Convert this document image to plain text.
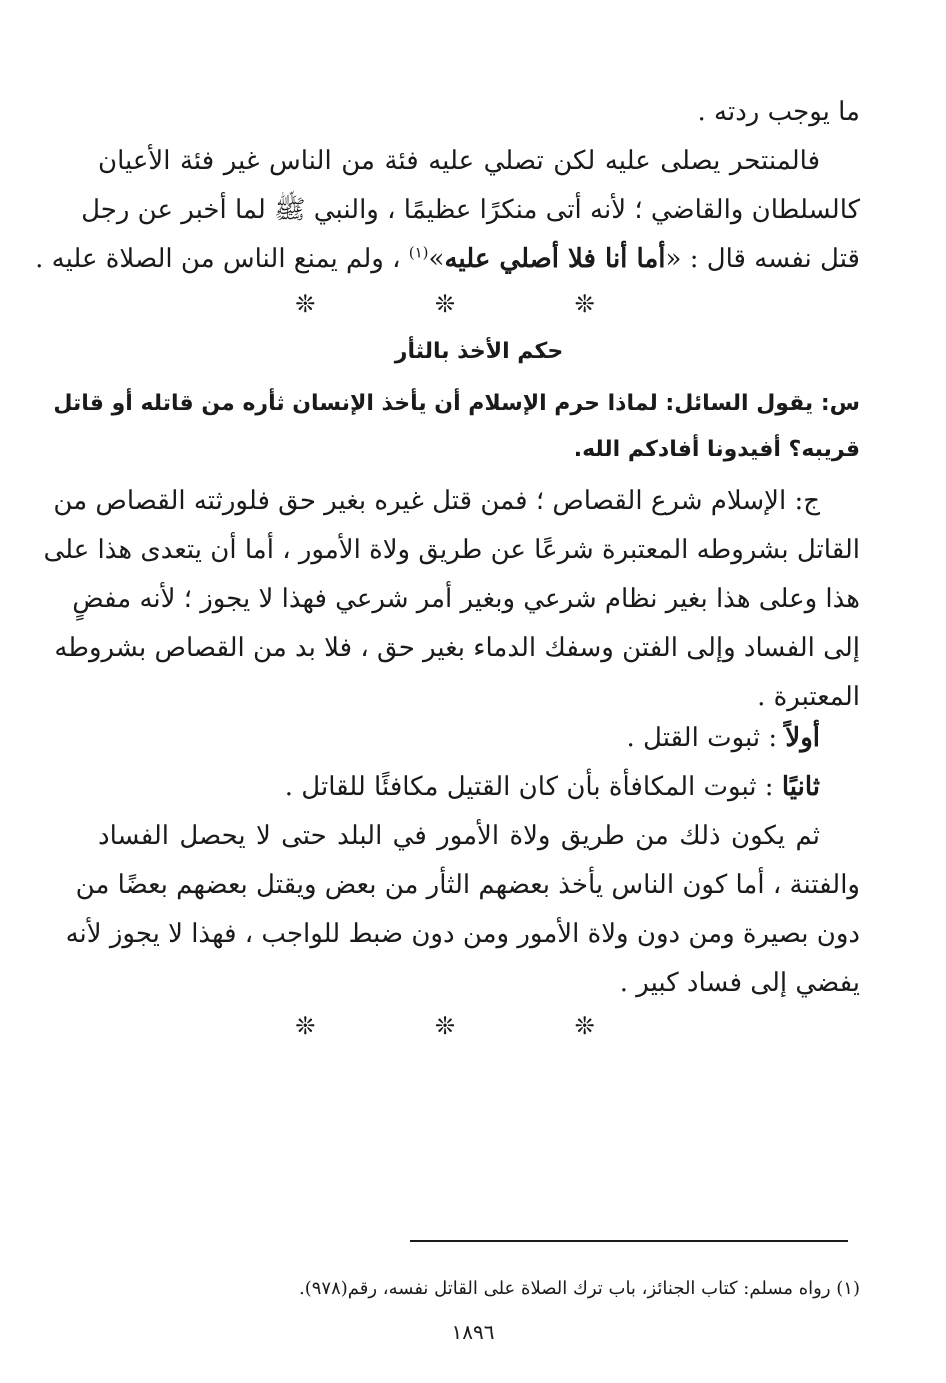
ما يوجب ردته .
فالمنتحر يصلى عليه لكن تصلي عليه فئة من الناس غير فئة الأعيان
كالسلطان والقاضي ؛ لأنه أتى منكرًا عظيمًا ، والنبي ﷺ لما أخبر عن رجل
قتل نفسه قال : «أما أنا فلا أصلي عليه»$^{(١)}$ ، ولم يمنع الناس من الصلاة عليه .
❊ ❊ ❊
حكم الأخذ بالثأر
س: يقول السائل: لماذا حرم الإسلام أن يأخذ الإنسان ثأره من قاتله أو قاتل
قريبه؟ أفيدونا أفادكم الله.
ج: الإسلام شرع القصاص ؛ فمن قتل غيره بغير حق فلورثته القصاص من
القاتل بشروطه المعتبرة شرعًا عن طريق ولاة الأمور ، أما أن يتعدى هذا على
هذا وعلى هذا بغير نظام شرعي وبغير أمر شرعي فهذا لا يجوز ؛ لأنه مفضٍ
إلى الفساد وإلى الفتن وسفك الدماء بغير حق ، فلا بد من القصاص بشروطه
المعتبرة .
أولاً : ثبوت القتل .
ثانيًا : ثبوت المكافأة بأن كان القتيل مكافئًا للقاتل .
ثم يكون ذلك من طريق ولاة الأمور في البلد حتى لا يحصل الفساد
والفتنة ، أما كون الناس يأخذ بعضهم الثأر من بعض ويقتل بعضهم بعضًا من
دون بصيرة ومن دون ولاة الأمور ومن دون ضبط للواجب ، فهذا لا يجوز لأنه
يفضي إلى فساد كبير .
❊ ❊ ❊
(١) رواه مسلم: كتاب الجنائز، باب ترك الصلاة على القاتل نفسه، رقم(٩٧٨).
١٨٩٦
